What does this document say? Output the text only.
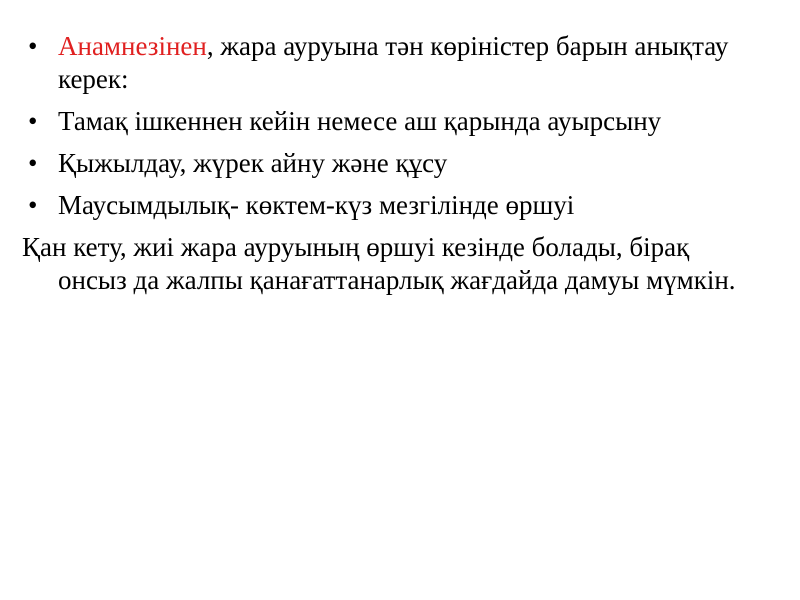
• Анамнезінен, жара ауруына тән көріністер барын анықтау керек:
• Тамақ ішкеннен кейін немесе аш қарында ауырсыну
• Қыжылдау, жүрек айну және құсу
• Маусымдылық- көктем-күз мезгілінде өршуі
Қан кету, жиі жара ауруының өршуі кезінде болады, бірақ онсыз да жалпы қанағаттанарлық жағдайда дамуы мүмкін.
